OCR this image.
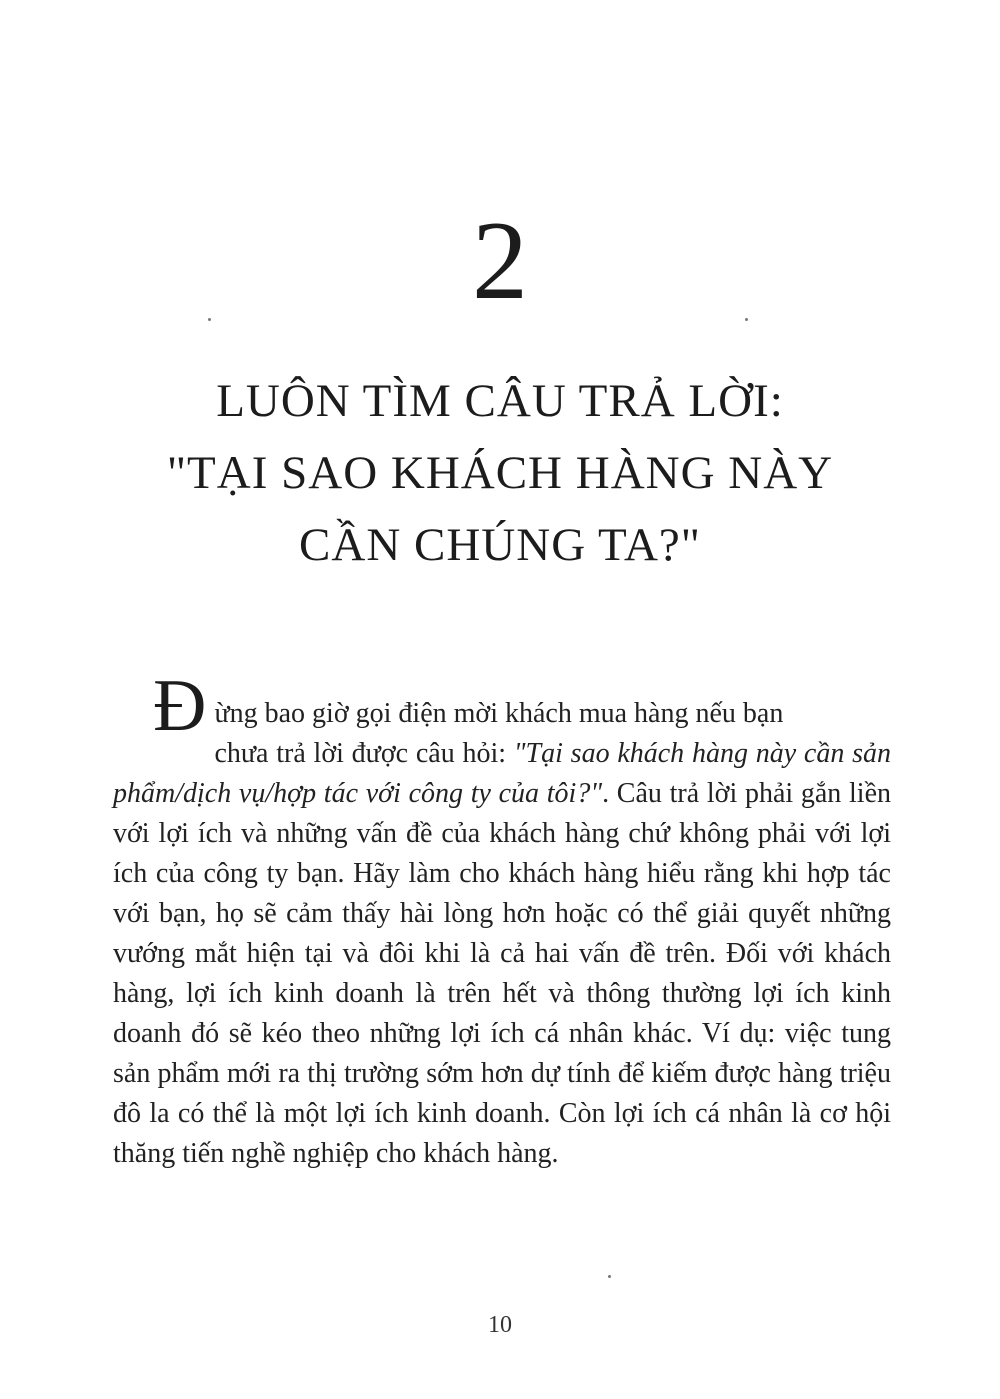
2
LUÔN TÌM CÂU TRẢ LỜI:
"TẠI SAO KHÁCH HÀNG NÀY
CẦN CHÚNG TA?"

Đ ừng bao giờ gọi điện mời khách mua hàng nếu bạn
chưa trả lời được câu hỏi: "Tại sao khách hàng này cần sản phẩm/dịch vụ/hợp tác với công ty của tôi?". Câu trả lời phải gắn liền với lợi ích và những vấn đề của khách hàng chứ không phải với lợi ích của công ty bạn. Hãy làm cho khách hàng hiểu rằng khi hợp tác với bạn, họ sẽ cảm thấy hài lòng hơn hoặc có thể giải quyết những vướng mắt hiện tại và đôi khi là cả hai vấn đề trên. Đối với khách hàng, lợi ích kinh doanh là trên hết và thông thường lợi ích kinh doanh đó sẽ kéo theo những lợi ích cá nhân khác. Ví dụ: việc tung sản phẩm mới ra thị trường sớm hơn dự tính để kiếm được hàng triệu đô la có thể là một lợi ích kinh doanh. Còn lợi ích cá nhân là cơ hội thăng tiến nghề nghiệp cho khách hàng.

10
